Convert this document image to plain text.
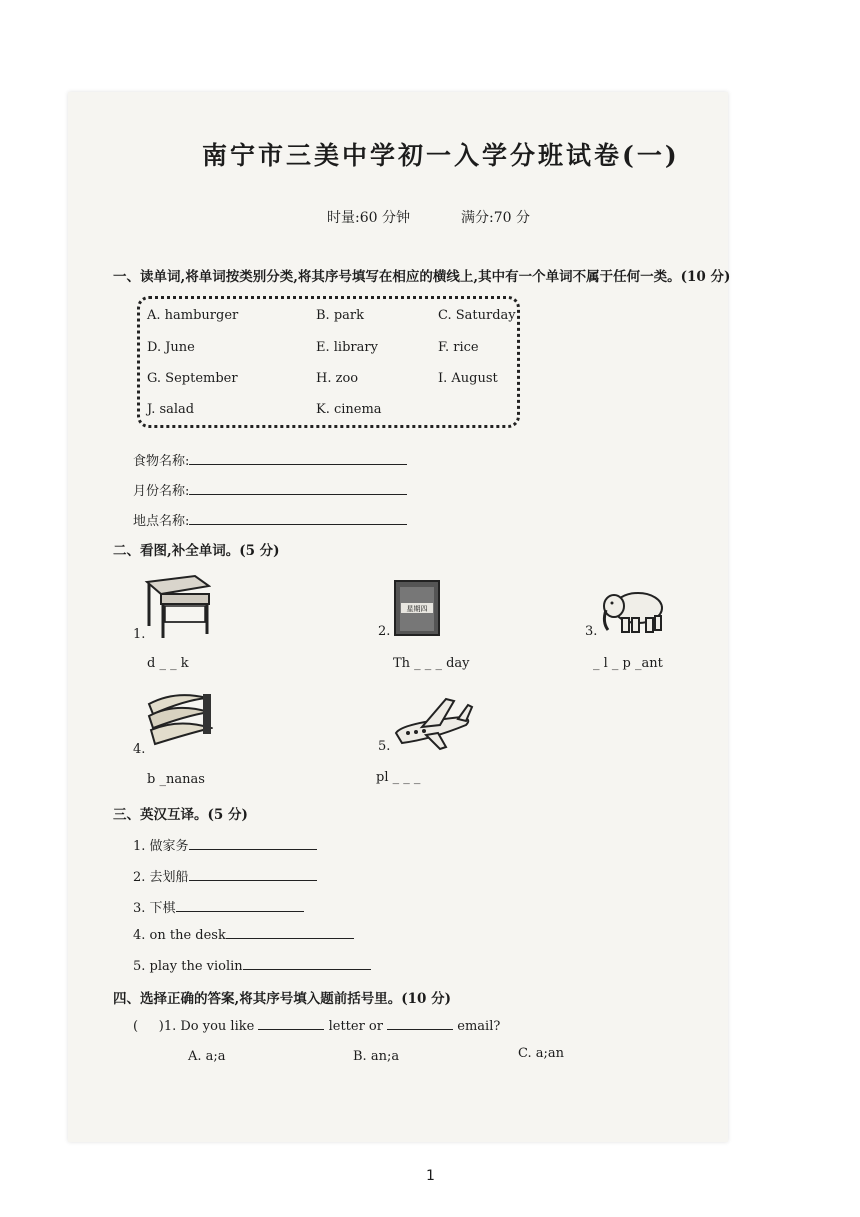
南宁市三美中学初一入学分班试卷(一)
时量:60 分钟	满分:70 分
一、读单词,将单词按类别分类,将其序号填写在相应的横线上,其中有一个单词不属于任何一类。(10 分)
A. hamburger	B. park	C. Saturday
D. June	E. library	F. rice
G. September	H. zoo	I. August
J. salad	K. cinema
食物名称:
月份名称:
地点名称:
二、看图,补全单词。(5 分)
1.
d _ _ k
星期四
2.
Th _ _ _ day
3.
_ l _ p _ant
4.
b _nanas
5.
pl _ _ _
三、英汉互译。(5 分)
1. 做家务
2. 去划船
3. 下棋
4. on the desk
5. play the violin
四、选择正确的答案,将其序号填入题前括号里。(10 分)
( )1. Do you like	letter or	email?
A. a;a	B. an;a	C. a;an
1
